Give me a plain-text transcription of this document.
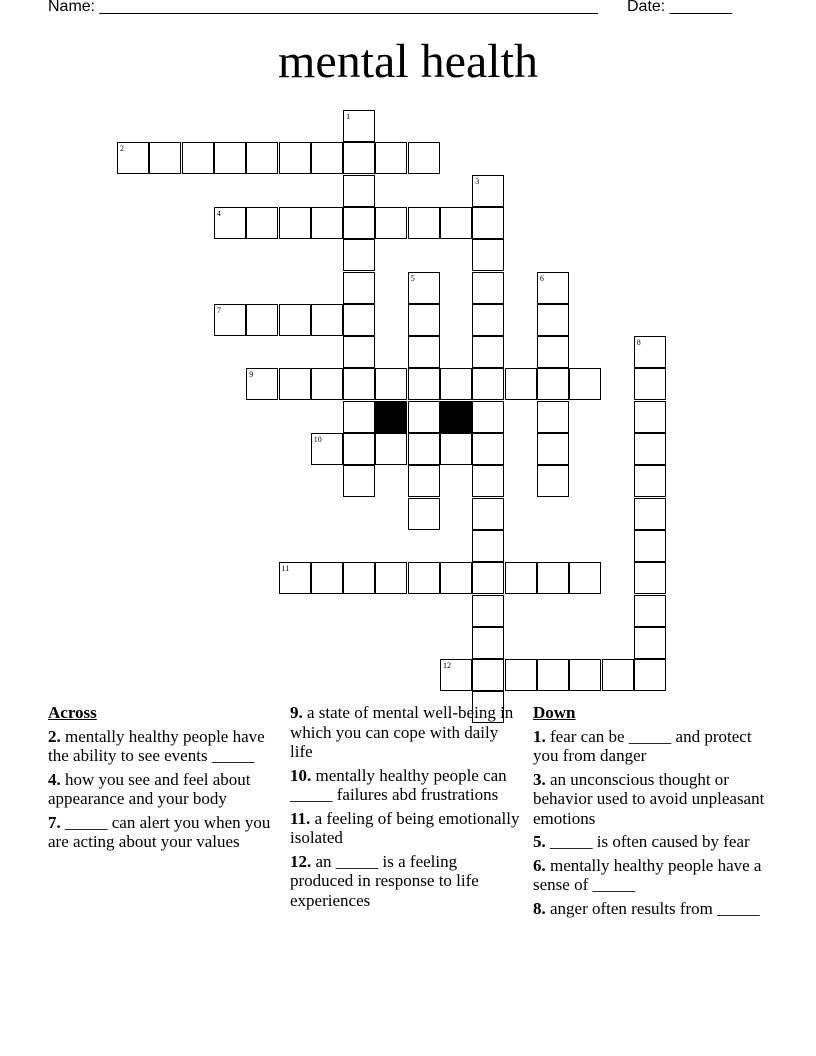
Name: ________________________________________________________ Date: _______
mental health
1
2
3
4
5	6
7
8
9
10
11
12
Across
2. mentally healthy people have the ability to see events _____
4. how you see and feel about appearance and your body
7. _____ can alert you when you are acting about your values
9. a state of mental well-being in which you can cope with daily life
10. mentally healthy people can _____ failures abd frustrations
11. a feeling of being emotionally isolated
12. an _____ is a feeling produced in response to life experiences
Down
1. fear can be _____ and protect you from danger
3. an unconscious thought or behavior used to avoid unpleasant emotions
5. _____ is often caused by fear
6. mentally healthy people have a sense of _____
8. anger often results from _____
